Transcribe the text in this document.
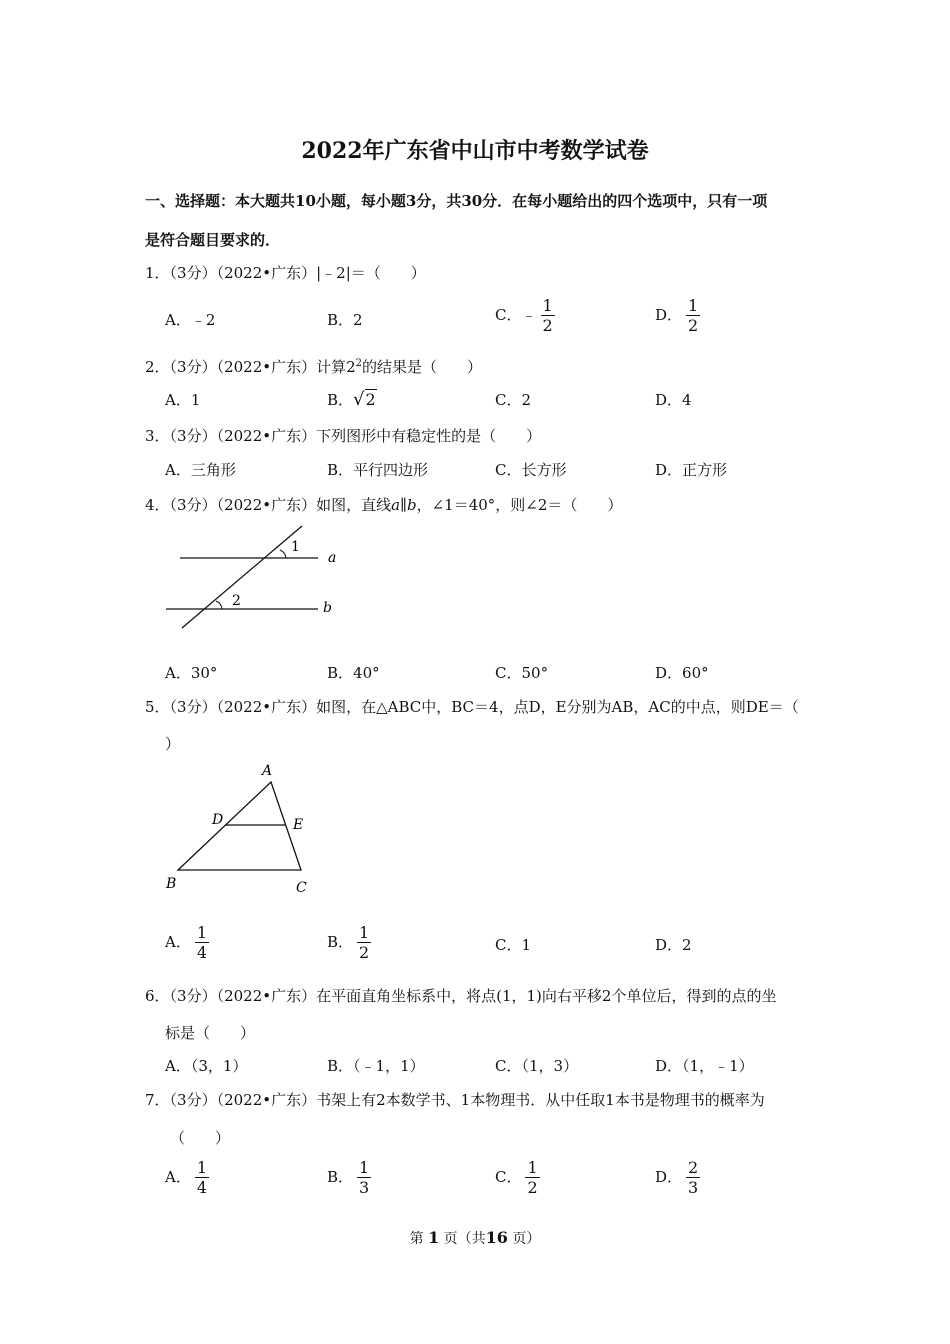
2022年广东省中山市中考数学试卷
一、选择题：本大题共10小题，每小题3分，共30分．在每小题给出的四个选项中，只有一项
是符合题目要求的．
1．（3分）（2022•广东）|﹣2|＝（　　）
A．﹣2	B．2	C．﹣ $\frac{1}{2}$	D． $\frac{1}{2}$
2．（3分）（2022•广东）计算$2^2$的结果是（　　）
A．1	B．√2	C．2	D．4
3．（3分）（2022•广东）下列图形中有稳定性的是（　　）
A．三角形	B．平行四边形	C．长方形	D．正方形
4．（3分）（2022•广东）如图，直线a∥b，∠1＝40°，则∠2＝（　　）
1
2
a
b
A．30°	B．40°	C．50°	D．60°
5．（3分）（2022•广东）如图，在△ABC中，BC＝4，点D，E分别为AB，AC的中点，则DE＝（
）
A
B	C
D	E
A． $\frac{1}{4}$	B． $\frac{1}{2}$	C．1	D．2
6．（3分）（2022•广东）在平面直角坐标系中，将点(1，1)向右平移2个单位后，得到的点的坐
标是（　　）
A．（3，1）	B．（﹣1，1）	C．（1，3）	D．（1，﹣1）
7．（3分）（2022•广东）书架上有2本数学书、1本物理书．从中任取1本书是物理书的概率为
（　　）
A． $\frac{1}{4}$	B． $\frac{1}{3}$	C． $\frac{1}{2}$	D． $\frac{2}{3}$
第 1 页（共16 页）
